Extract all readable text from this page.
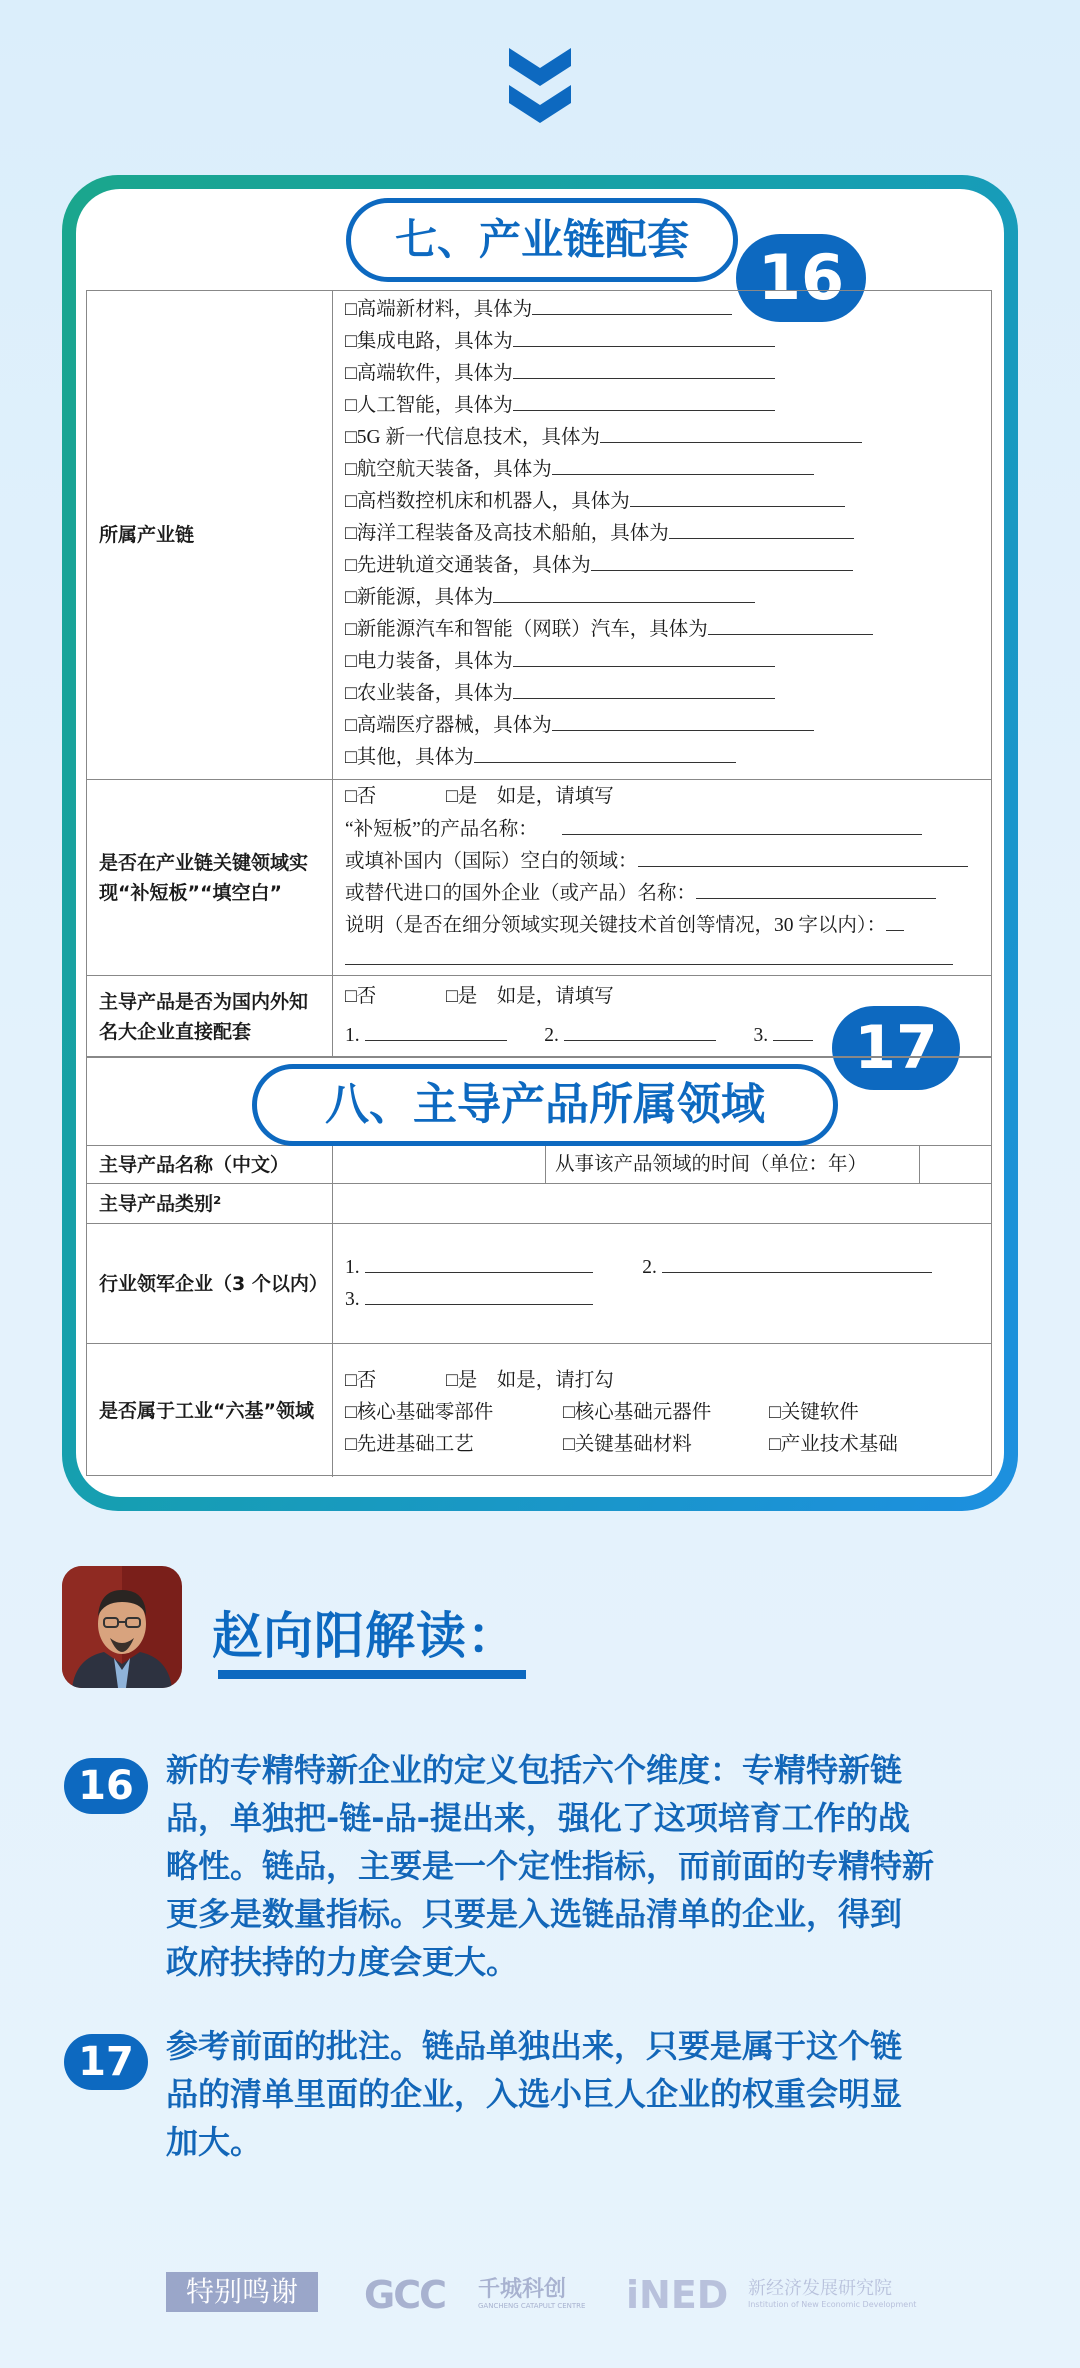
七、产业链配套
16
所属产业链
□高端新材料，具体为
□集成电路，具体为
□高端软件，具体为
□人工智能，具体为
□5G 新一代信息技术，具体为
□航空航天装备，具体为
□高档数控机床和机器人，具体为
□海洋工程装备及高技术船舶，具体为
□先进轨道交通装备，具体为
□新能源，具体为
□新能源汽车和智能（网联）汽车，具体为
□电力装备，具体为
□农业装备，具体为
□高端医疗器械，具体为
□其他，具体为
是否在产业链关键领域实现“补短板”“填空白”
□否	□是　如是，请填写
“补短板”的产品名称：
或填补国内（国际）空白的领域：
或替代进口的国外企业（或产品）名称：
说明（是否在细分领域实现关键技术首创等情况，30 字以内）：
主导产品是否为国内外知名大企业直接配套
□否	□是　如是，请填写
1.	2.	3.	17
主导产品名称（中文）	从事该产品领域的时间（单位：年）
主导产品类别²
行业领军企业（3 个以内）
1.	2.
3.
是否属于工业“六基”领域
□否	□是　如是，请打勾
□核心基础零部件	□核心基础元器件	□关键软件
□先进基础工艺	□关键基础材料	□产业技术基础
八、主导产品所属领域
赵向阳解读：
16	新的专精特新企业的定义包括六个维度：专精特新链
品，单独把-链-品-提出来，强化了这项培育工作的战
略性。链品，主要是一个定性指标，而前面的专精特新
更多是数量指标。只要是入选链品清单的企业，得到
政府扶持的力度会更大。
17	参考前面的批注。链品单独出来，只要是属于这个链
品的清单里面的企业，入选小巨人企业的权重会明显
加大。
特别鸣谢	GCC 千城科创
GANCHENG CATAPULT CENTRE iNED 新经济发展研究院
Institution of New Economic Development
